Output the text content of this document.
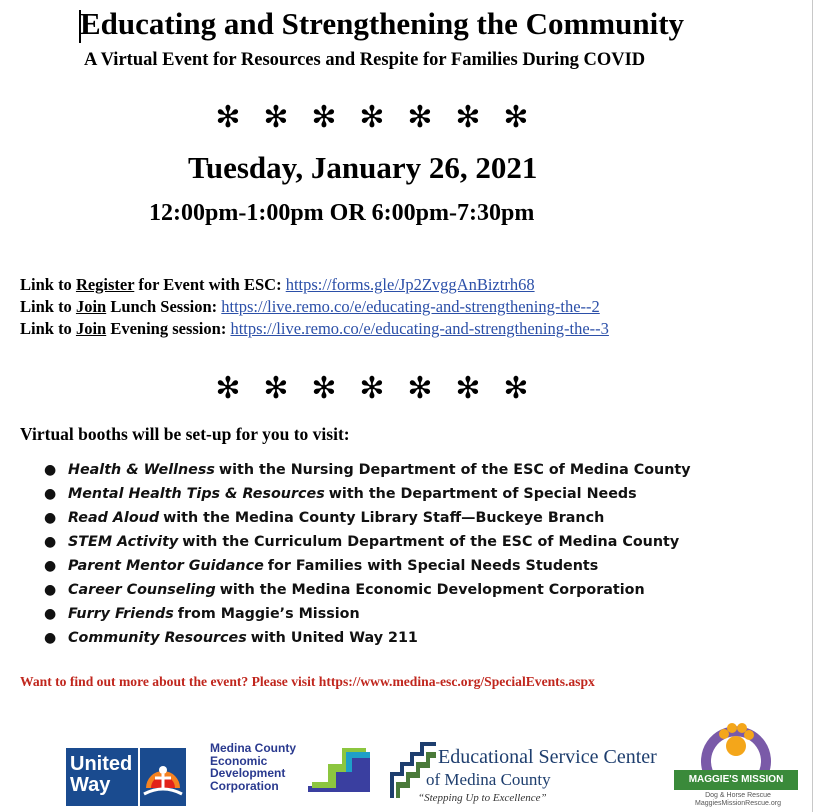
Educating and Strengthening the Community
A Virtual Event for Resources and Respite for Families During COVID
✻ ✻ ✻ ✻ ✻ ✻ ✻
Tuesday, January 26, 2021
12:00pm-1:00pm OR 6:00pm-7:30pm
Link to Register for Event with ESC: https://forms.gle/Jp2ZvggAnBiztrh68
Link to Join Lunch Session: https://live.remo.co/e/educating-and-strengthening-the--2
Link to Join Evening session: https://live.remo.co/e/educating-and-strengthening-the--3
✻ ✻ ✻ ✻ ✻ ✻ ✻
Virtual booths will be set-up for you to visit:
● Health & Wellness with the Nursing Department of the ESC of Medina County
● Mental Health Tips & Resources with the Department of Special Needs
● Read Aloud with the Medina County Library Staff—Buckeye Branch
● STEM Activity with the Curriculum Department of the ESC of Medina County
● Parent Mentor Guidance for Families with Special Needs Students
● Career Counseling with the Medina Economic Development Corporation
● Furry Friends from Maggie’s Mission
● Community Resources with United Way 211
Want to find out more about the event? Please visit https://www.medina-esc.org/SpecialEvents.aspx
United
Way
Medina County
Economic
Development
Corporation
Educational Service Center
of Medina County
“Stepping Up to Excellence”
MAGGIE'S MISSION
Dog & Horse Rescue
MaggiesMissionRescue.org
